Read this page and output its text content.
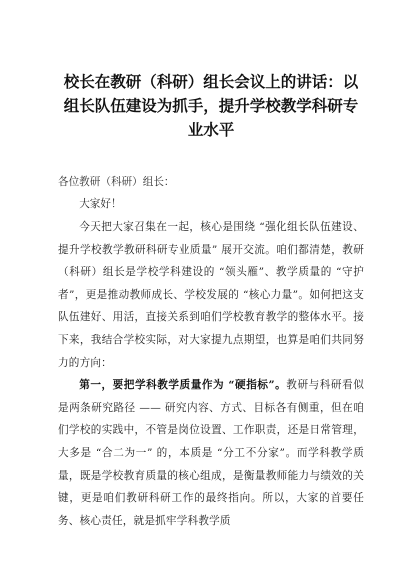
校长在教研（科研）组长会议上的讲话：以组长队伍建设为抓手，提升学校教学科研专业水平

各位教研（科研）组长：

大家好！

今天把大家召集在一起，核心是围绕 “强化组长队伍建设、提升学校教学教研科研专业质量” 展开交流。咱们都清楚，教研（科研）组长是学校学科建设的 “领头雁”、教学质量的 “守护者”，更是推动教师成长、学校发展的 “核心力量”。如何把这支队伍建好、用活，直接关系到咱们学校教育教学的整体水平。接下来，我结合学校实际，对大家提九点期望，也算是咱们共同努力的方向：

第一，要把学科教学质量作为 “硬指标”。教研与科研看似是两条研究路径 —— 研究内容、方式、目标各有侧重，但在咱们学校的实践中，不管是岗位设置、工作职责，还是日常管理，大多是 “合二为一” 的，本质是 “分工不分家”。而学科教学质量，既是学校教育质量的核心组成，是衡量教师能力与绩效的关键，更是咱们教研科研工作的最终指向。所以，大家的首要任务、核心责任，就是抓牢学科教学质
